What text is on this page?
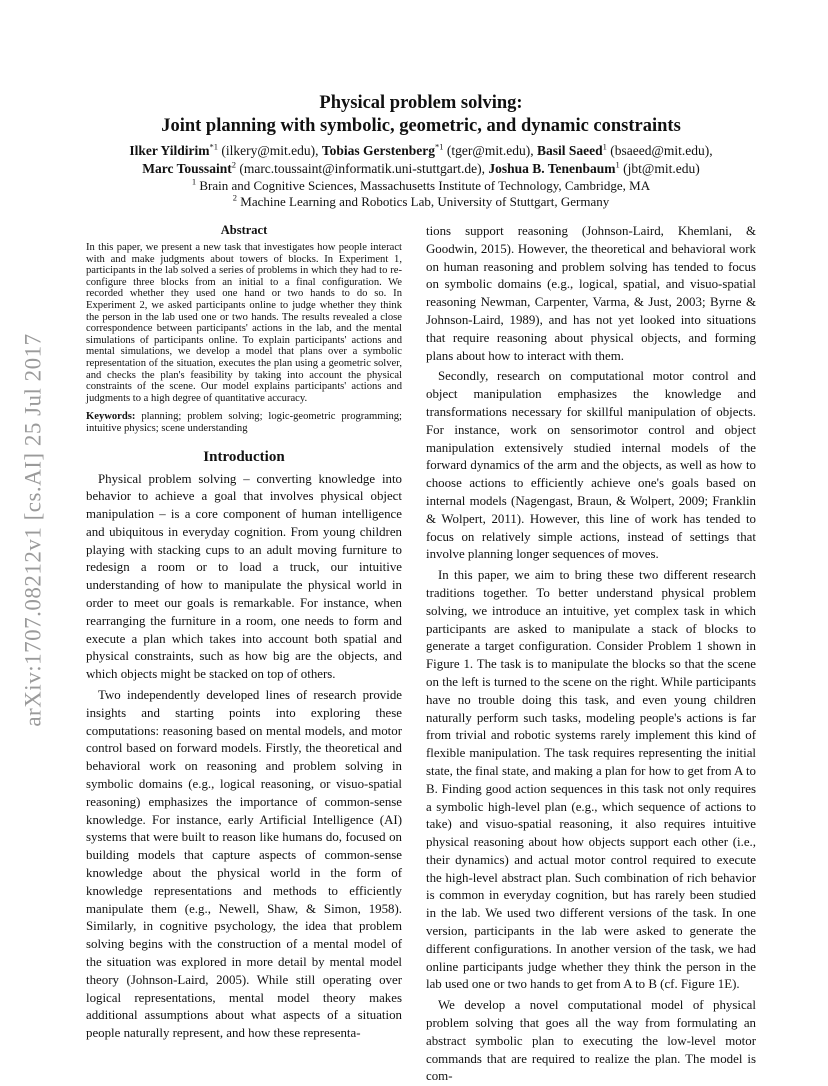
arXiv:1707.08212v1 [cs.AI] 25 Jul 2017
Physical problem solving:
Joint planning with symbolic, geometric, and dynamic constraints
Ilker Yildirim$^{*1}$ (ilkery@mit.edu), Tobias Gerstenberg$^{*1}$ (tger@mit.edu), Basil Saeed$^1$ (bsaeed@mit.edu),
Marc Toussaint$^2$ (marc.toussaint@informatik.uni-stuttgart.de), Joshua B. Tenenbaum$^1$ (jbt@mit.edu)
$^1$ Brain and Cognitive Sciences, Massachusetts Institute of Technology, Cambridge, MA
$^2$ Machine Learning and Robotics Lab, University of Stuttgart, Germany
Abstract

In this paper, we present a new task that investigates how people interact with and make judgments about towers of blocks. In Experiment 1, participants in the lab solved a series of problems in which they had to re-configure three blocks from an initial to a final configuration. We recorded whether they used one hand or two hands to do so. In Experiment 2, we asked participants online to judge whether they think the person in the lab used one or two hands. The results revealed a close correspondence between participants' actions in the lab, and the mental simulations of participants online. To explain participants' actions and mental simulations, we develop a model that plans over a symbolic representation of the situation, executes the plan using a geometric solver, and checks the plan's feasibility by taking into account the physical constraints of the scene. Our model explains participants' actions and judgments to a high degree of quantitative accuracy.

Keywords: planning; problem solving; logic-geometric programming; intuitive physics; scene understanding

Introduction

Physical problem solving – converting knowledge into behavior to achieve a goal that involves physical object manipulation – is a core component of human intelligence and ubiquitous in everyday cognition. From young children playing with stacking cups to an adult moving furniture to redesign a room or to load a truck, our intuitive understanding of how to manipulate the physical world in order to meet our goals is remarkable. For instance, when rearranging the furniture in a room, one needs to form and execute a plan which takes into account both spatial and physical constraints, such as how big are the objects, and which objects might be stacked on top of others.

Two independently developed lines of research provide insights and starting points into exploring these computations: reasoning based on mental models, and motor control based on forward models. Firstly, the theoretical and behavioral work on reasoning and problem solving in symbolic domains (e.g., logical reasoning, or visuo-spatial reasoning) emphasizes the importance of common-sense knowledge. For instance, early Artificial Intelligence (AI) systems that were built to reason like humans do, focused on building models that capture aspects of common-sense knowledge about the physical world in the form of knowledge representations and methods to efficiently manipulate them (e.g., Newell, Shaw, & Simon, 1958). Similarly, in cognitive psychology, the idea that problem solving begins with the construction of a mental model of the situation was explored in more detail by mental model theory (Johnson-Laird, 2005). While still operating over logical representations, mental model theory makes additional assumptions about what aspects of a situation people naturally represent, and how these representa-

tions support reasoning (Johnson-Laird, Khemlani, & Goodwin, 2015). However, the theoretical and behavioral work on human reasoning and problem solving has tended to focus on symbolic domains (e.g., logical, spatial, and visuo-spatial reasoning Newman, Carpenter, Varma, & Just, 2003; Byrne & Johnson-Laird, 1989), and has not yet looked into situations that require reasoning about physical objects, and forming plans about how to interact with them.

Secondly, research on computational motor control and object manipulation emphasizes the knowledge and transformations necessary for skillful manipulation of objects. For instance, work on sensorimotor control and object manipulation extensively studied internal models of the forward dynamics of the arm and the objects, as well as how to choose actions to efficiently achieve one's goals based on internal models (Nagengast, Braun, & Wolpert, 2009; Franklin & Wolpert, 2011). However, this line of work has tended to focus on relatively simple actions, instead of settings that involve planning longer sequences of moves.

In this paper, we aim to bring these two different research traditions together. To better understand physical problem solving, we introduce an intuitive, yet complex task in which participants are asked to manipulate a stack of blocks to generate a target configuration. Consider Problem 1 shown in Figure 1. The task is to manipulate the blocks so that the scene on the left is turned to the scene on the right. While participants have no trouble doing this task, and even young children naturally perform such tasks, modeling people's actions is far from trivial and robotic systems rarely implement this kind of flexible manipulation. The task requires representing the initial state, the final state, and making a plan for how to get from A to B. Finding good action sequences in this task not only requires a symbolic high-level plan (e.g., which sequence of actions to take) and visuo-spatial reasoning, it also requires intuitive physical reasoning about how objects support each other (i.e., their dynamics) and actual motor control required to execute the high-level abstract plan. Such combination of rich behavior is common in everyday cognition, but has rarely been studied in the lab. We used two different versions of the task. In one version, participants in the lab were asked to generate the different configurations. In another version of the task, we had online participants judge whether they think the person in the lab used one or two hands to get from A to B (cf. Figure 1E).

We develop a novel computational model of physical problem solving that goes all the way from formulating an abstract symbolic plan to executing the low-level motor commands that are required to realize the plan. The model is com-
